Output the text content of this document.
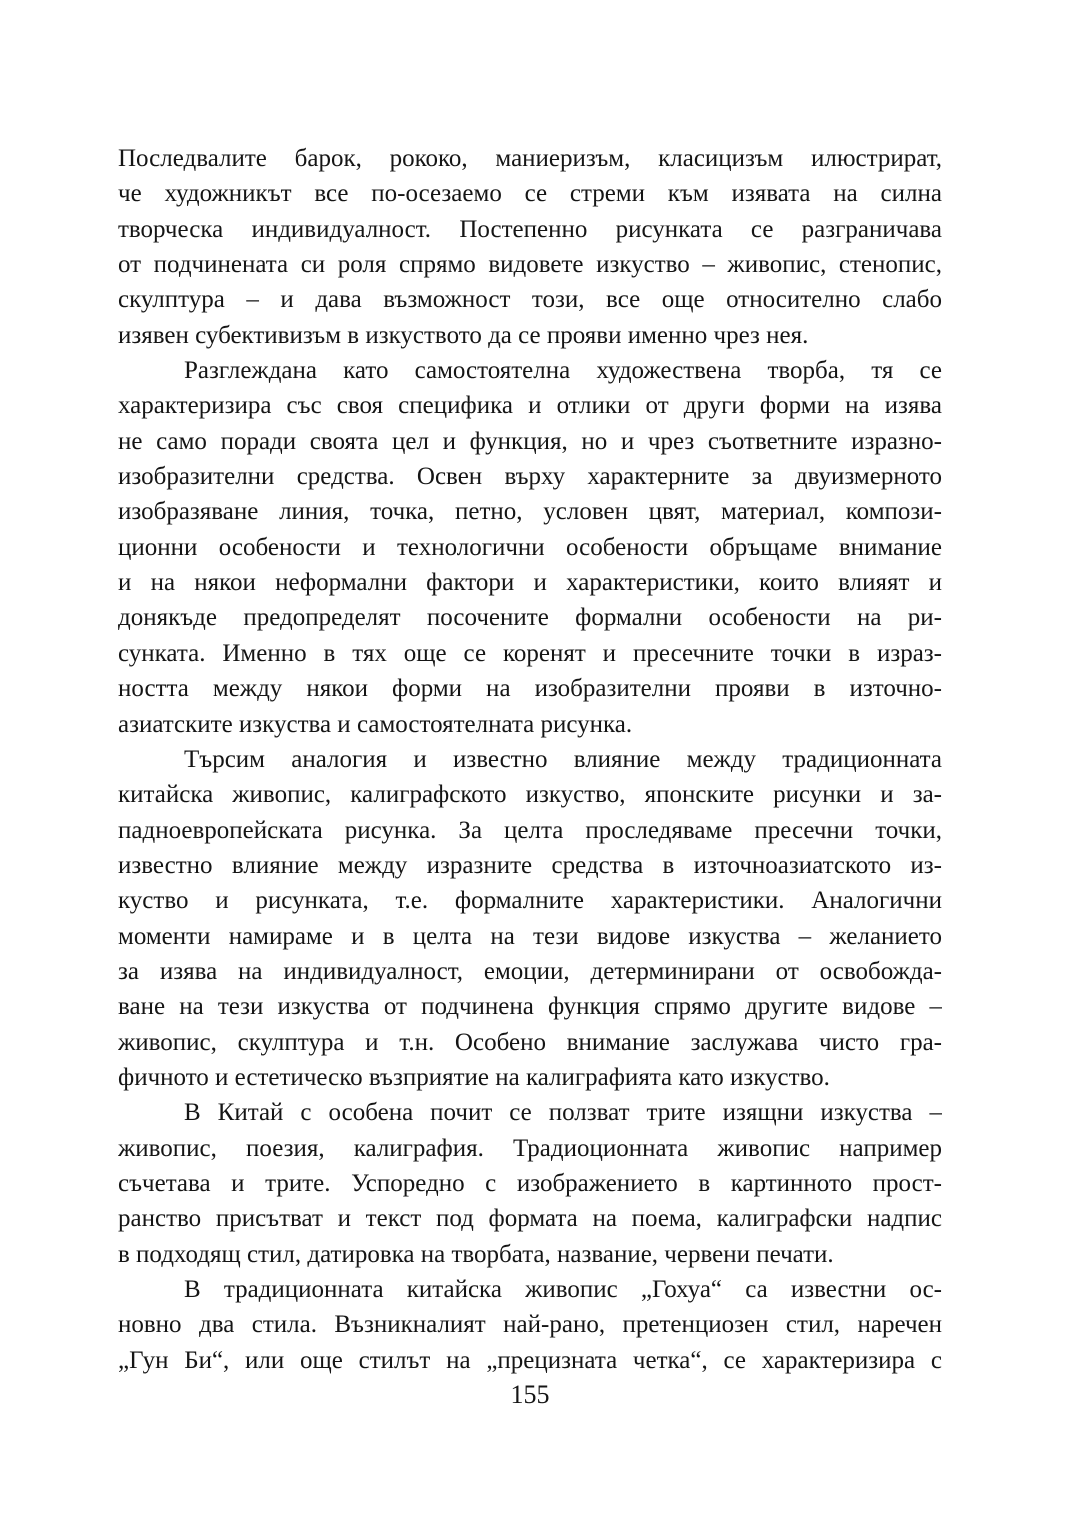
Последвалите барок, рококо, маниеризъм, класицизъм илюстрират,
че художникът все по-осезаемо се стреми към изявата на силна
творческа индивидуалност. Постепенно рисунката се разграничава
от подчинената си роля спрямо видовете изкуство – живопис, стенопис,
скулптура – и дава възможност този, все още относително слабо
изявен субективизъм в изкуството да се прояви именно чрез нея.
Разглеждана като самостоятелна художествена творба, тя се
характеризира със своя специфика и отлики от други форми на изява
не само поради своята цел и функция, но и чрез съответните изразно-
изобразителни средства. Освен върху характерните за двуизмерното
изобразяване линия, точка, петно, условен цвят, материал, компози-
ционни особености и технологични особености обръщаме внимание
и на някои неформални фактори и характеристики, които влияят и
донякъде предопределят посочените формални особености на ри-
сунката. Именно в тях още се коренят и пресечните точки в израз-
ността между някои форми на изобразителни прояви в източно-
азиатските изкуства и самостоятелната рисунка.
Търсим аналогия и известно влияние между традиционната
китайска живопис, калиграфското изкуство, японските рисунки и за-
падноевропейската рисунка. За целта проследяваме пресечни точки,
известно влияние между изразните средства в източноазиатското из-
куство и рисунката, т.е. формалните характеристики. Аналогични
моменти намираме и в целта на тези видове изкуства – желанието
за изява на индивидуалност, емоции, детерминирани от освобожда-
ване на тези изкуства от подчинена функция спрямо другите видове –
живопис, скулптура и т.н. Особено внимание заслужава чисто гра-
фичното и естетическо възприятие на калиграфията като изкуство.
В Китай с особена почит се ползват трите изящни изкуства –
живопис, поезия, калиграфия. Традиоционната живопис например
съчетава и трите. Успоредно с изображението в картинното прост-
ранство присътват и текст под формата на поема, калиграфски надпис
в подходящ стил, датировка на творбата, название, червени печати.
В традиционната китайска живопис „Гохуа“ са известни ос-
новно два стила. Възникналият най-рано, претенциозен стил, наречен
„Гун Би“, или още стилът на „прецизната четка“, се характеризира с
155
